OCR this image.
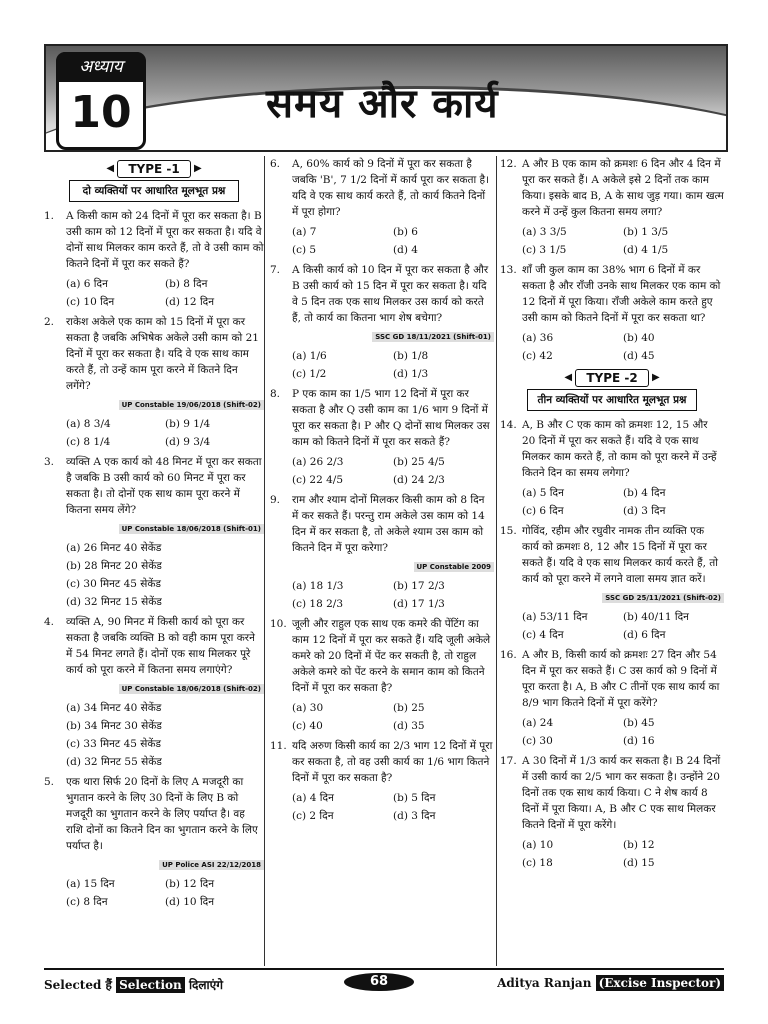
अध्याय
10	समय और कार्य
◀ TYPE -1 ▶
दो व्यक्तियों पर आधारित मूलभूत प्रश्न
1. A किसी काम को 24 दिनों में पूरा कर सकता है। B उसी काम को 12 दिनों में पूरा कर सकता है। यदि वे दोनों साथ मिलकर काम करते हैं, तो वे उसी काम को कितने दिनों में पूरा कर सकते हैं?
(a) 6 दिन	(b) 8 दिन
(c) 10 दिन	(d) 12 दिन
2. राकेश अकेले एक काम को 15 दिनों में पूरा कर सकता है जबकि अभिषेक अकेले उसी काम को 21 दिनों में पूरा कर सकता है। यदि वे एक साथ काम करते हैं, तो उन्हें काम पूरा करने में कितने दिन लगेंगे?
UP Constable 19/06/2018 (Shift-02)
(a) 8 3/4	(b) 9 1/4
(c) 8 1/4	(d) 9 3/4
3. व्यक्ति A एक कार्य को 48 मिनट में पूरा कर सकता है जबकि B उसी कार्य को 60 मिनट में पूरा कर सकता है। तो दोनों एक साथ काम पूरा करने में कितना समय लेंगे?
UP Constable 18/06/2018 (Shift-01)
(a) 26 मिनट 40 सेकेंड
(b) 28 मिनट 20 सेकेंड
(c) 30 मिनट 45 सेकेंड
(d) 32 मिनट 15 सेकेंड
4. व्यक्ति A, 90 मिनट में किसी कार्य को पूरा कर सकता है जबकि व्यक्ति B को वही काम पूरा करने में 54 मिनट लगते हैं। दोनों एक साथ मिलकर पूरे कार्य को पूरा करने में कितना समय लगाएंगे?
UP Constable 18/06/2018 (Shift-02)
(a) 34 मिनट 40 सेकेंड
(b) 34 मिनट 30 सेकेंड
(c) 33 मिनट 45 सेकेंड
(d) 32 मिनट 55 सेकेंड
5. एक थारा सिर्फ 20 दिनों के लिए A मजदूरी का भुगतान करने के लिए 30 दिनों के लिए B को मजदूरी का भुगतान करने के लिए पर्याप्त है। वह राशि दोनों का कितने दिन का भुगतान करने के लिए पर्याप्त है।
UP Police ASI 22/12/2018
(a) 15 दिन	(b) 12 दिन
(c) 8 दिन	(d) 10 दिन
6. A, 60% कार्य को 9 दिनों में पूरा कर सकता है जबकि 'B', 7 1/2 दिनों में कार्य पूरा कर सकता है। यदि वे एक साथ कार्य करते हैं, तो कार्य कितने दिनों में पूरा होगा?
(a) 7	(b) 6
(c) 5	(d) 4
7. A किसी कार्य को 10 दिन में पूरा कर सकता है और B उसी कार्य को 15 दिन में पूरा कर सकता है। यदि वे 5 दिन तक एक साथ मिलकर उस कार्य को करते हैं, तो कार्य का कितना भाग शेष बचेगा?
SSC GD 18/11/2021 (Shift-01)
(a) 1/6	(b) 1/8
(c) 1/2	(d) 1/3
8. P एक काम का 1/5 भाग 12 दिनों में पूरा कर सकता है और Q उसी काम का 1/6 भाग 9 दिनों में पूरा कर सकता है। P और Q दोनों साथ मिलकर उस काम को कितने दिनों में पूरा कर सकते हैं?
(a) 26 2/3	(b) 25 4/5
(c) 22 4/5	(d) 24 2/3
9. राम और श्याम दोनों मिलकर किसी काम को 8 दिन में कर सकते हैं। परन्तु राम अकेले उस काम को 14 दिन में कर सकता है, तो अकेले श्याम उस काम को कितने दिन में पूरा करेगा?
UP Constable 2009
(a) 18 1/3	(b) 17 2/3
(c) 18 2/3	(d) 17 1/3
10. जूली और राहुल एक साथ एक कमरे की पेंटिंग का काम 12 दिनों में पूरा कर सकते हैं। यदि जूली अकेले कमरे को 20 दिनों में पेंट कर सकती है, तो राहुल अकेले कमरे को पेंट करने के समान काम को कितने दिनों में पूरा कर सकता है?
(a) 30	(b) 25
(c) 40	(d) 35
11. यदि अरुण किसी कार्य का 2/3 भाग 12 दिनों में पूरा कर सकता है, तो वह उसी कार्य का 1/6 भाग कितने दिनों में पूरा कर सकता है?
(a) 4 दिन	(b) 5 दिन
(c) 2 दिन	(d) 3 दिन
12. A और B एक काम को क्रमशः 6 दिन और 4 दिन में पूरा कर सकते हैं। A अकेले इसे 2 दिनों तक काम किया। इसके बाद B, A के साथ जुड़ गया। काम खत्म करने में उन्हें कुल कितना समय लगा?
(a) 3 3/5	(b) 1 3/5
(c) 3 1/5	(d) 4 1/5
13. शाँ जी कुल काम का 38% भाग 6 दिनों में कर सकता है और राँजी उनके साथ मिलकर एक काम को 12 दिनों में पूरा किया। राँजी अकेले काम करते हुए उसी काम को कितने दिनों में पूरा कर सकता था?
(a) 36	(b) 40
(c) 42	(d) 45
◀ TYPE -2 ▶
तीन व्यक्तियों पर आधारित मूलभूत प्रश्न
14. A, B और C एक काम को क्रमशः 12, 15 और 20 दिनों में पूरा कर सकते हैं। यदि वे एक साथ मिलकर काम करते हैं, तो काम को पूरा करने में उन्हें कितने दिन का समय लगेगा?
(a) 5 दिन	(b) 4 दिन
(c) 6 दिन	(d) 3 दिन
15. गोविंद, रहीम और रघुवीर नामक तीन व्यक्ति एक कार्य को क्रमशः 8, 12 और 15 दिनों में पूरा कर सकते हैं। यदि वे एक साथ मिलकर कार्य करते हैं, तो कार्य को पूरा करने में लगने वाला समय ज्ञात करें।
SSC GD 25/11/2021 (Shift-02)
(a) 53/11 दिन	(b) 40/11 दिन
(c) 4 दिन	(d) 6 दिन
16. A और B, किसी कार्य को क्रमशः 27 दिन और 54 दिन में पूरा कर सकते हैं। C उस कार्य को 9 दिनों में पूरा करता है। A, B और C तीनों एक साथ कार्य का 8/9 भाग कितने दिनों में पूरा करेंगे?
(a) 24	(b) 45
(c) 30	(d) 16
17. A 30 दिनों में 1/3 कार्य कर सकता है। B 24 दिनों में उसी कार्य का 2/5 भाग कर सकता है। उन्होंने 20 दिनों तक एक साथ कार्य किया। C ने शेष कार्य 8 दिनों में पूरा किया। A, B और C एक साथ मिलकर कितने दिनों में पूरा करेंगे।
(a) 10	(b) 12
(c) 18	(d) 15
Selected हैं Selection दिलाएंगे	68	Aditya Ranjan (Excise Inspector)
